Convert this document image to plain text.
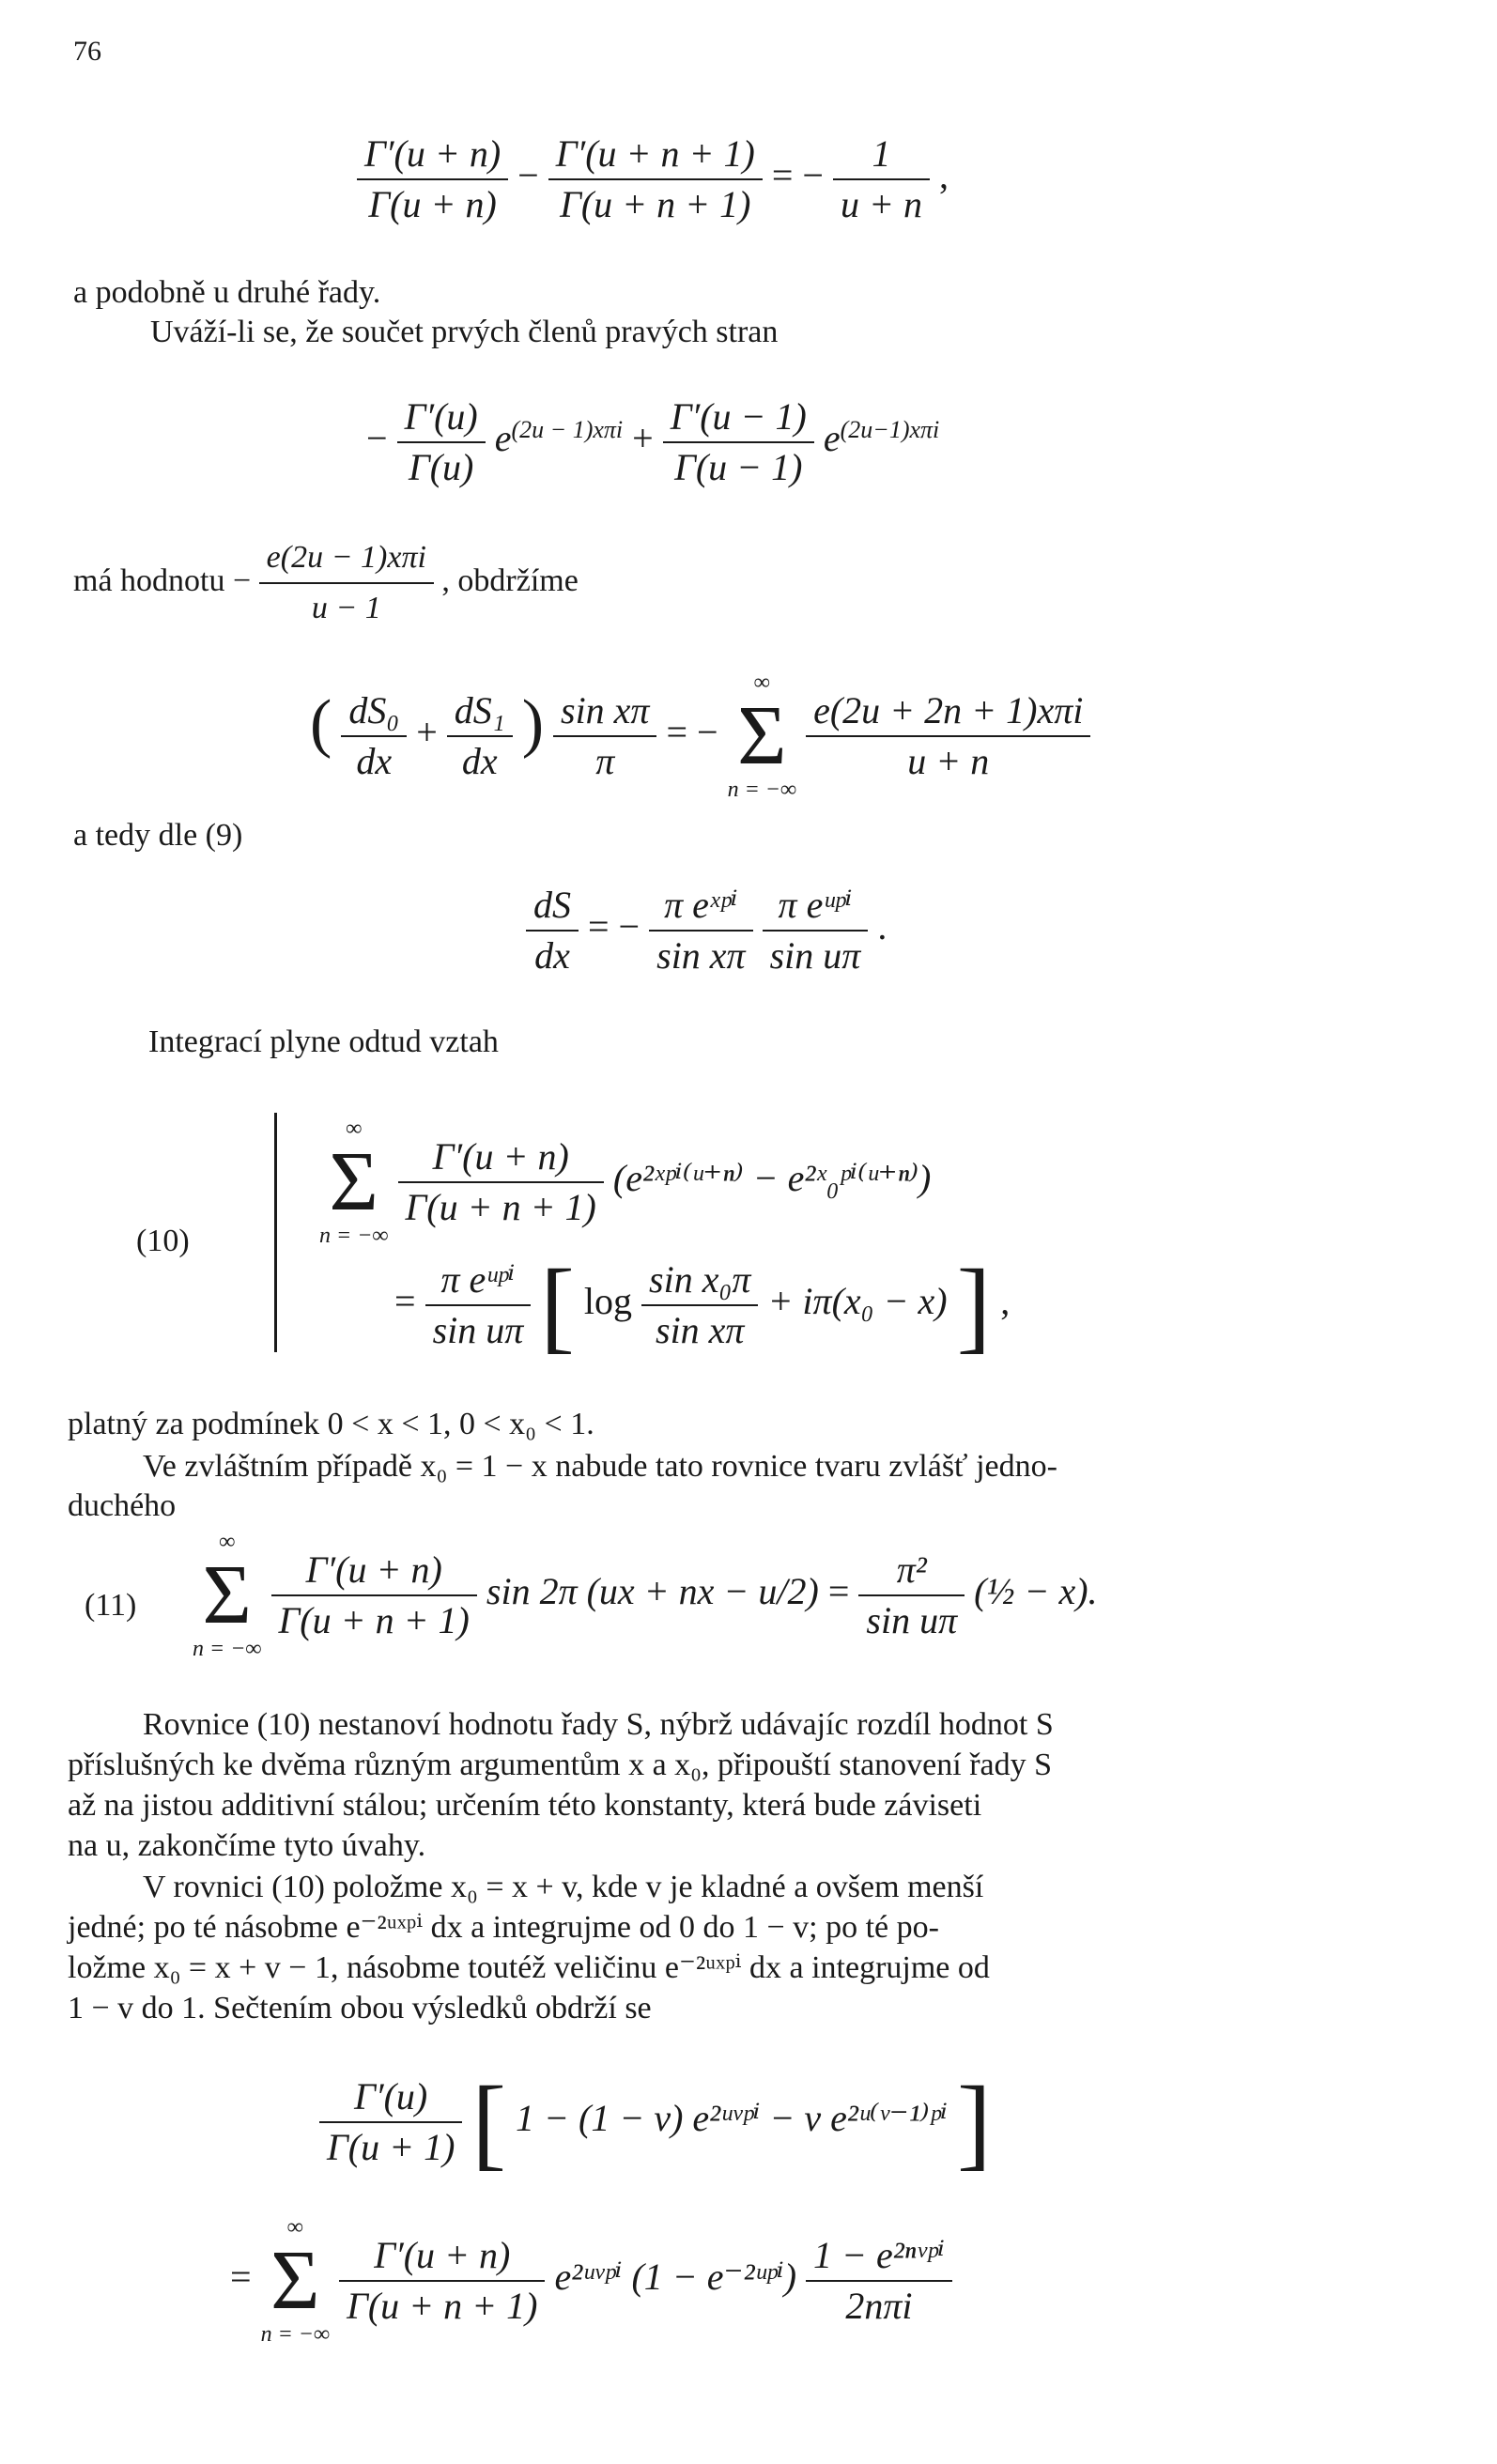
76
$\frac{\Gamma'(u + n)}{\Gamma(u + n)} - \frac{\Gamma'(u + n + 1)}{\Gamma(u + n + 1)}$ = − $\frac{1}{u + n}$ ,
a podobně u druhé řady.
Uváží-li se, že součet prvých členů pravých stran
− $\frac{\Gamma'(u)}{\Gamma(u)} e^{(2u - 1)x\pi i} + \frac{\Gamma'(u - 1)}{\Gamma(u - 1)} e^{(2u-1)x\pi i}$
má hodnotu − $\frac{\text{e(2u − 1)xπi}}{u - 1}$ , obdržíme
( $\frac{\text{dS₀}}{dx} + \frac{\text{dS₁}}{dx}$ ) $\frac{\text{sin xπ}}{\pi}$ = −
∞
Σ
n = −∞

$\frac{\text{e(2u + 2n + 1)xπi}}{u + n}$
a tedy dle (9)
$\frac{dS}{dx}$ = − $\frac{\text{π eˣᵖⁱ}}{\text{sin xπ}}$
$\frac{\text{π eᵘᵖⁱ}}{\text{sin uπ}}$ .
Integrací plyne odtud vztah
(10)
∞
Σ
n = −∞

$\frac{\Gamma'(u + n)}{\Gamma(u + n + 1)}$ (e²ˣᵖⁱ⁽ᵘ⁺ⁿ⁾ − e²ˣ₀ᵖⁱ⁽ᵘ⁺ⁿ⁾)
= $\frac{\text{π eᵘᵖⁱ}}{\text{sin uπ}}$ [ $\log \frac{\text{sin x₀π}}{\text{sin xπ}} + i\pi(x_0 - x)$ ] ,
platný za podmínek 0 < x < 1, 0 < x₀ < 1.
Ve zvláštním případě x₀ = 1 − x nabude tato rovnice tvaru zvlášť jedno-
duchého
(11)
∞
Σ
n = −∞

$\frac{\Gamma'(u + n)}{\Gamma(u + n + 1)}$ sin 2π (ux + nx − $u/2) = \frac{\text{π²}}{\text{sin uπ}}$ (½ − x).
Rovnice (10) nestanoví hodnotu řady S, nýbrž udávajíc rozdíl hodnot S
příslušných ke dvěma různým argumentům x a x₀, připouští stanovení řady S
až na jistou additivní stálou; určením této konstanty, která bude záviseti
na u, zakončíme tyto úvahy.
V rovnici (10) položme x₀ = x + v, kde v je kladné a ovšem menší
jedné; po té násobme e⁻²ᵘˣᵖⁱ dx a integrujme od 0 do 1 − v; po té po-
ložme x₀ = x + v − 1, násobme toutéž veličinu e⁻²ᵘˣᵖⁱ dx a integrujme od
1 − v do 1. Sečtením obou výsledků obdrží se
$\frac{\Gamma'(u)}{\Gamma(u + 1)}$ [ 1 − (1 − v) e²ᵘᵛᵖⁱ − v e²ᵘ⁽ᵛ⁻¹⁾ᵖⁱ ]
=
∞
Σ
n = −∞

$\frac{\Gamma'(u + n)}{\Gamma(u + n + 1)}$ e²ᵘᵛᵖⁱ (1 − e⁻²ᵘᵖⁱ) $\frac{\text{1 − e²ⁿᵛᵖⁱ}}{\text{2nπi}}$
